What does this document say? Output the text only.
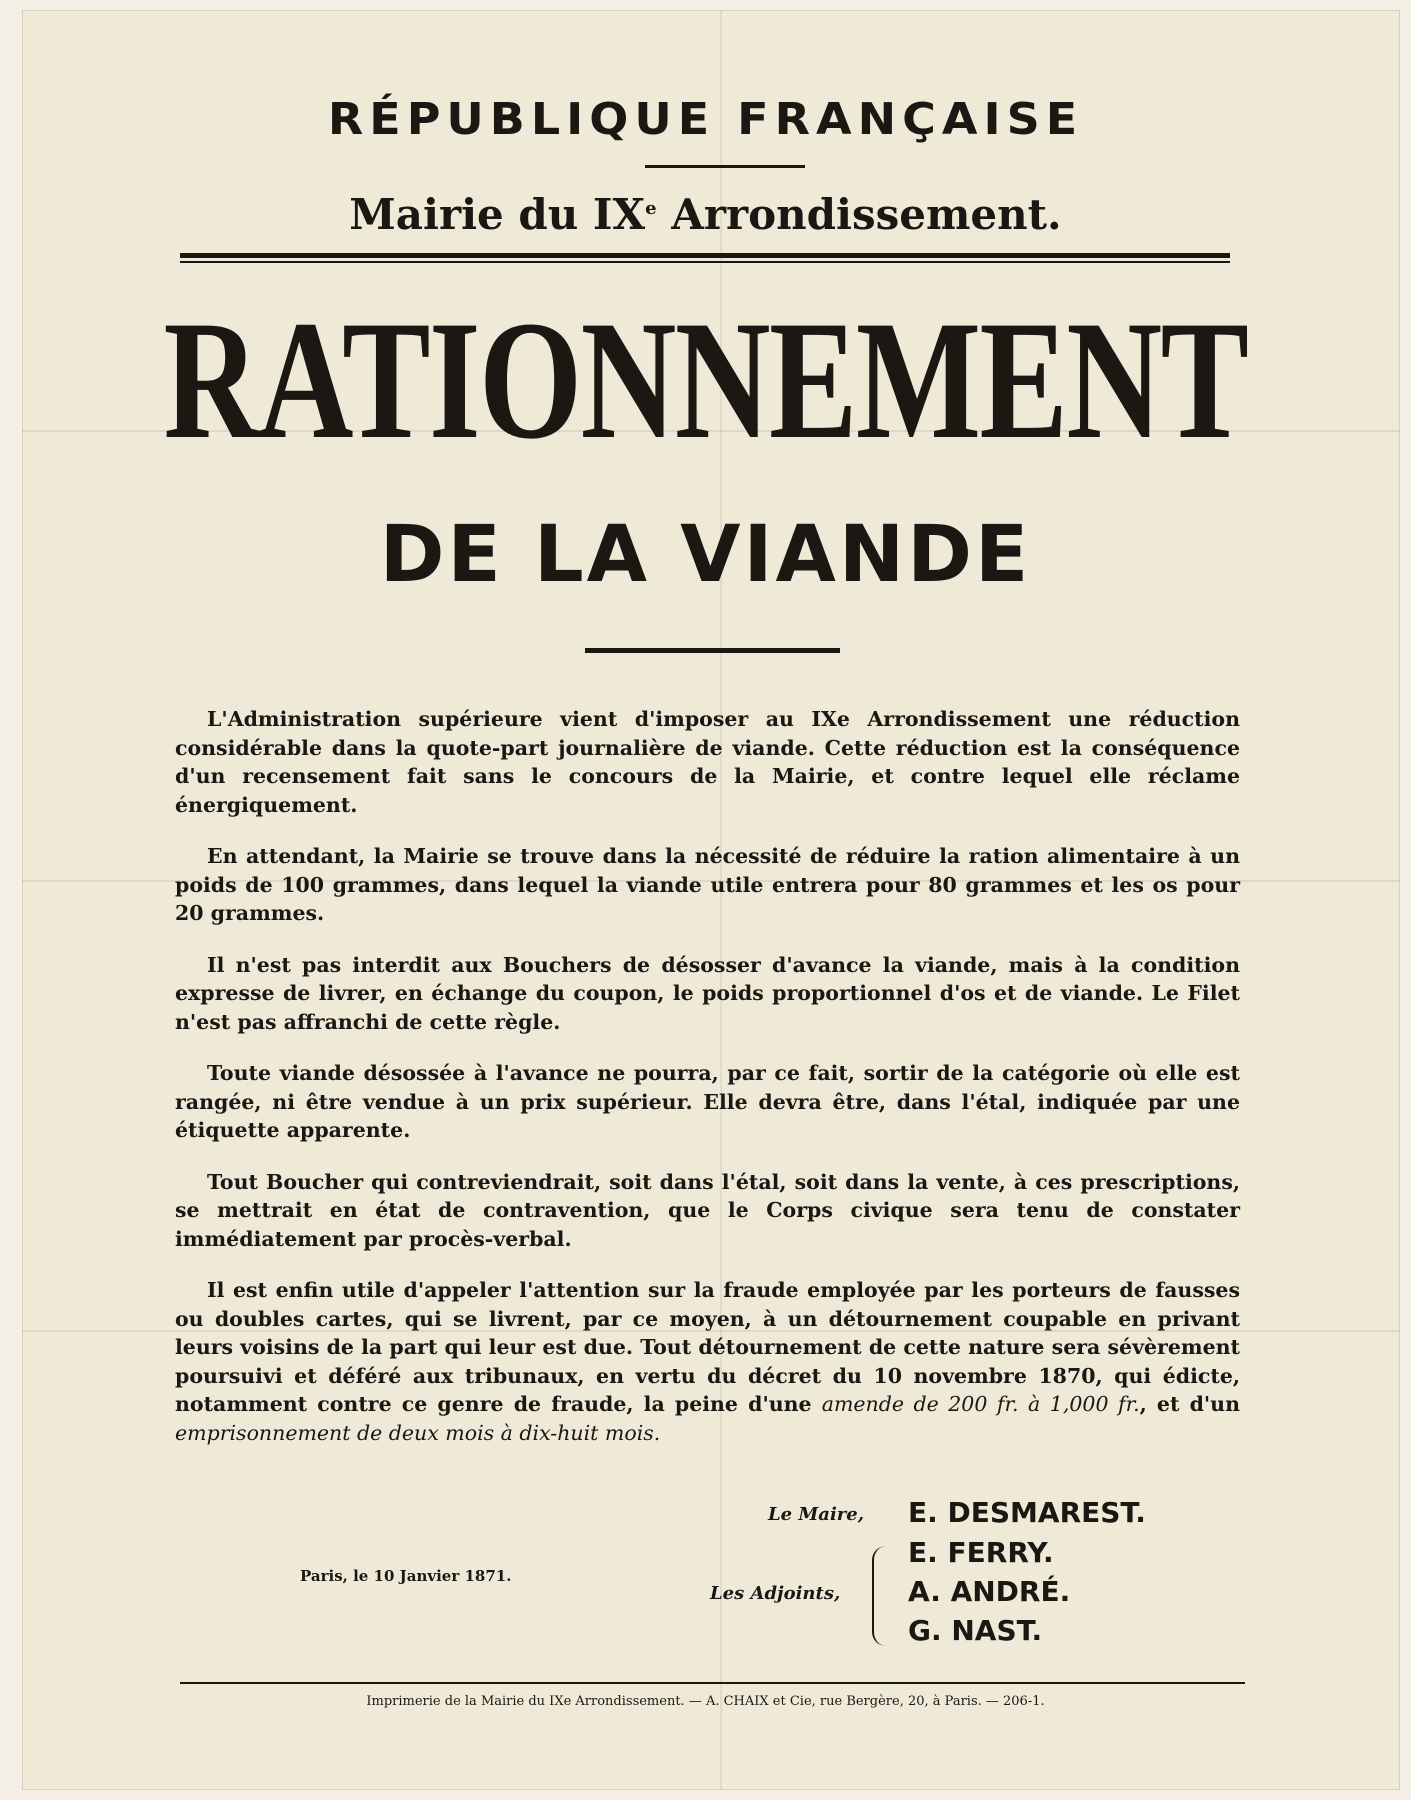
RÉPUBLIQUE FRANÇAISE
Mairie du IXe Arrondissement.
RATIONNEMENT
DE LA VIANDE

L'Administration supérieure vient d'imposer au IXe Arrondissement une réduction considérable dans la quote-part journalière de viande. Cette réduction est la conséquence d'un recensement fait sans le concours de la Mairie, et contre lequel elle réclame énergiquement.

En attendant, la Mairie se trouve dans la nécessité de réduire la ration alimentaire à un poids de 100 grammes, dans lequel la viande utile entrera pour 80 grammes et les os pour 20 grammes.

Il n'est pas interdit aux Bouchers de désosser d'avance la viande, mais à la condition expresse de livrer, en échange du coupon, le poids proportionnel d'os et de viande. Le Filet n'est pas affranchi de cette règle.

Toute viande désossée à l'avance ne pourra, par ce fait, sortir de la catégorie où elle est rangée, ni être vendue à un prix supérieur. Elle devra être, dans l'étal, indiquée par une étiquette apparente.

Tout Boucher qui contreviendrait, soit dans l'étal, soit dans la vente, à ces prescriptions, se mettrait en état de contravention, que le Corps civique sera tenu de constater immédiatement par procès-verbal.

Il est enfin utile d'appeler l'attention sur la fraude employée par les porteurs de fausses ou doubles cartes, qui se livrent, par ce moyen, à un détournement coupable en privant leurs voisins de la part qui leur est due. Tout détournement de cette nature sera sévèrement poursuivi et déféré aux tribunaux, en vertu du décret du 10 novembre 1870, qui édicte, notamment contre ce genre de fraude, la peine d'une amende de 200 fr. à 1,000 fr., et d'un emprisonnement de deux mois à dix-huit mois.

Le Maire, E. DESMAREST.
Paris, le 10 Janvier 1871.
Les Adjoints,
E. FERRY.
A. ANDRÉ.
G. NAST.
Imprimerie de la Mairie du IXe Arrondissement. — A. CHAIX et Cie, rue Bergère, 20, à Paris. — 206-1.
